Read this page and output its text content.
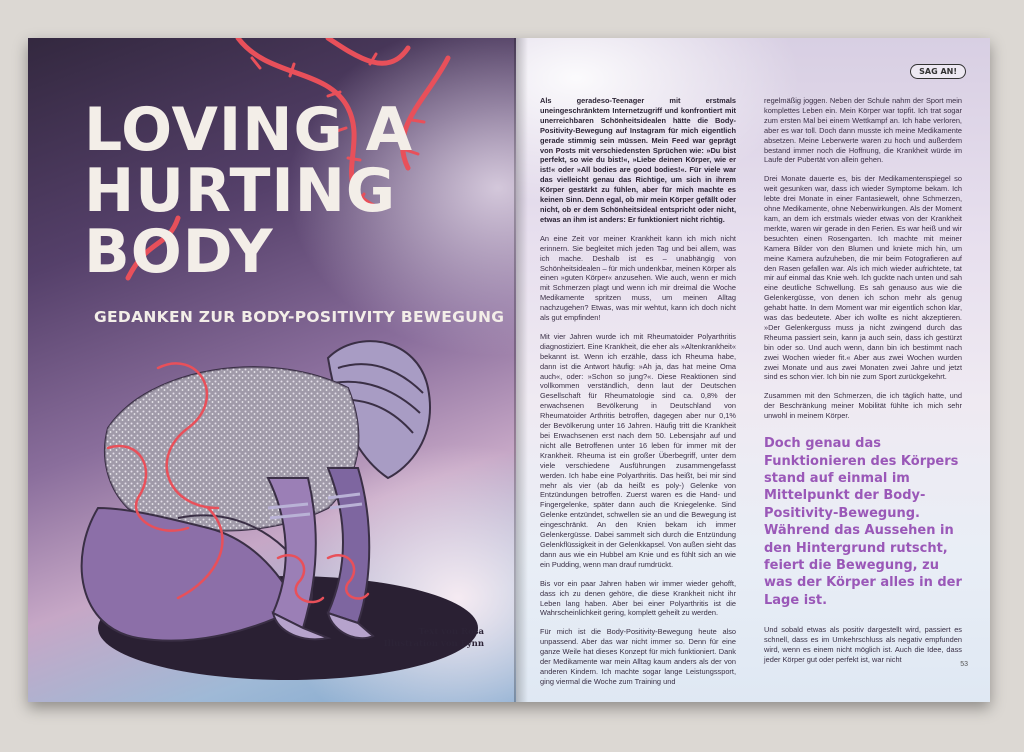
LOVING A
HURTING
BODY
GEDANKEN ZUR BODY-POSITIVITY BEWEGUNG
Text von Rosa
Illustration von Fynn
SAG AN!

Als geradeso-Teenager mit erstmals uneingeschränktem Internetzugriff und konfrontiert mit unerreichbaren Schönheitsidealen hätte die Body-Positivity-Bewegung auf Instagram für mich eigentlich gerade stimmig sein müssen. Mein Feed war geprägt von Posts mit verschiedensten Sprüchen wie: »Du bist perfekt, so wie du bist!«, »Liebe deinen Körper, wie er ist!« oder »All bodies are good bodies!«. Für viele war das vielleicht genau das Richtige, um sich in ihrem Körper gestärkt zu fühlen, aber für mich machte es keinen Sinn. Denn egal, ob mir mein Körper gefällt oder nicht, ob er dem Schönheitsideal entspricht oder nicht, etwas an ihm ist anders: Er funktioniert nicht richtig.

An eine Zeit vor meiner Krankheit kann ich mich nicht erinnern. Sie begleitet mich jeden Tag und bei allem, was ich mache. Deshalb ist es – unabhängig von Schönheitsidealen – für mich undenkbar, meinen Körper als einen »guten Körper« anzusehen. Wie auch, wenn er mich mit Schmerzen plagt und wenn ich mir dreimal die Woche Medikamente spritzen muss, um meinen Alltag nachzugehen? Etwas, was mir wehtut, kann ich doch nicht als gut empfinden!

Mit vier Jahren wurde ich mit Rheumatoider Polyarthritis diagnostiziert. Eine Krankheit, die eher als »Altenkrankheit« bekannt ist. Wenn ich erzähle, dass ich Rheuma habe, dann ist die Antwort häufig: »Ah ja, das hat meine Oma auch«, oder: »Schon so jung?«. Diese Reaktionen sind vollkommen verständlich, denn laut der Deutschen Gesellschaft für Rheumatologie sind ca. 0,8% der erwachsenen Bevölkerung in Deutschland von Rheumatoider Arthritis betroffen, dagegen aber nur 0,1% der Bevölkerung unter 16 Jahren. Häufig tritt die Krankheit bei Erwachsenen erst nach dem 50. Lebensjahr auf und nicht alle Betroffenen unter 16 leben für immer mit der Krankheit. Rheuma ist ein großer Überbegriff, unter dem viele verschiedene Ausführungen zusammengefasst werden. Ich habe eine Polyarthritis. Das heißt, bei mir sind mehr als vier (ab da heißt es poly-) Gelenke von Entzündungen betroffen. Zuerst waren es die Hand- und Fingergelenke, später dann auch die Kniegelenke. Sind Gelenke entzündet, schwellen sie an und die Bewegung ist eingeschränkt. An den Knien bekam ich immer Gelenkergüsse. Dabei sammelt sich durch die Entzündung Gelenkflüssigkeit in der Gelenkkapsel. Von außen sieht das dann aus wie ein Hubbel am Knie und es fühlt sich an wie ein Pudding, wenn man drauf rumdrückt.

Bis vor ein paar Jahren haben wir immer wieder gehofft, dass ich zu denen gehöre, die diese Krankheit nicht ihr Leben lang haben. Aber bei einer Polyarthritis ist die Wahrscheinlichkeit gering, komplett geheilt zu werden.

Für mich ist die Body-Positivity-Bewegung heute also unpassend. Aber das war nicht immer so. Denn für eine ganze Weile hat dieses Konzept für mich funktioniert. Dank der Medikamente war mein Alltag kaum anders als der von anderen Kindern. Ich machte sogar lange Leistungssport, ging viermal die Woche zum Training und

regelmäßig joggen. Neben der Schule nahm der Sport mein komplettes Leben ein. Mein Körper war topfit. Ich trat sogar zum ersten Mal bei einem Wettkampf an. Ich habe verloren, aber es war toll. Doch dann musste ich meine Medikamente absetzen. Meine Leberwerte waren zu hoch und außerdem bestand immer noch die Hoffnung, die Krankheit würde im Laufe der Pubertät von allein gehen.

Drei Monate dauerte es, bis der Medikamentenspiegel so weit gesunken war, dass ich wieder Symptome bekam. Ich lebte drei Monate in einer Fantasiewelt, ohne Schmerzen, ohne Medikamente, ohne Nebenwirkungen. Als der Moment kam, an dem ich erstmals wieder etwas von der Krankheit merkte, waren wir gerade in den Ferien. Es war heiß und wir besuchten einen Rosengarten. Ich machte mit meiner Kamera Bilder von den Blumen und kniete mich hin, um meine Kamera aufzuheben, die mir beim Fotografieren auf den Rasen gefallen war. Als ich mich wieder aufrichtete, tat mir auf einmal das Knie weh. Ich guckte nach unten und sah eine deutliche Schwellung. Es sah genauso aus wie die Gelenkergüsse, von denen ich schon mehr als genug gehabt hatte. In dem Moment war mir eigentlich schon klar, was das bedeutete. Aber ich wollte es nicht akzeptieren. »Der Gelenkerguss muss ja nicht zwingend durch das Rheuma passiert sein, kann ja auch sein, dass ich gestürzt bin oder so. Und auch wenn, dann bin ich bestimmt nach zwei Wochen wieder fit.« Aber aus zwei Wochen wurden zwei Monate und aus zwei Monaten zwei Jahre und jetzt sind es schon vier. Ich bin nie zum Sport zurückgekehrt.

Zusammen mit den Schmerzen, die ich täglich hatte, und der Beschränkung meiner Mobilität fühlte ich mich sehr unwohl in meinem Körper.

Doch genau das Funktionieren des Körpers stand auf einmal im Mittelpunkt der Body-Positivity-Bewegung. Während das Aussehen in den Hintergrund rutscht, feiert die Bewegung, zu was der Körper alles in der Lage ist.

Und sobald etwas als positiv dargestellt wird, passiert es schnell, dass es im Umkehrschluss als negativ empfunden wird, wenn es einem nicht möglich ist. Auch die Idee, dass jeder Körper gut oder perfekt ist, war nicht

53
